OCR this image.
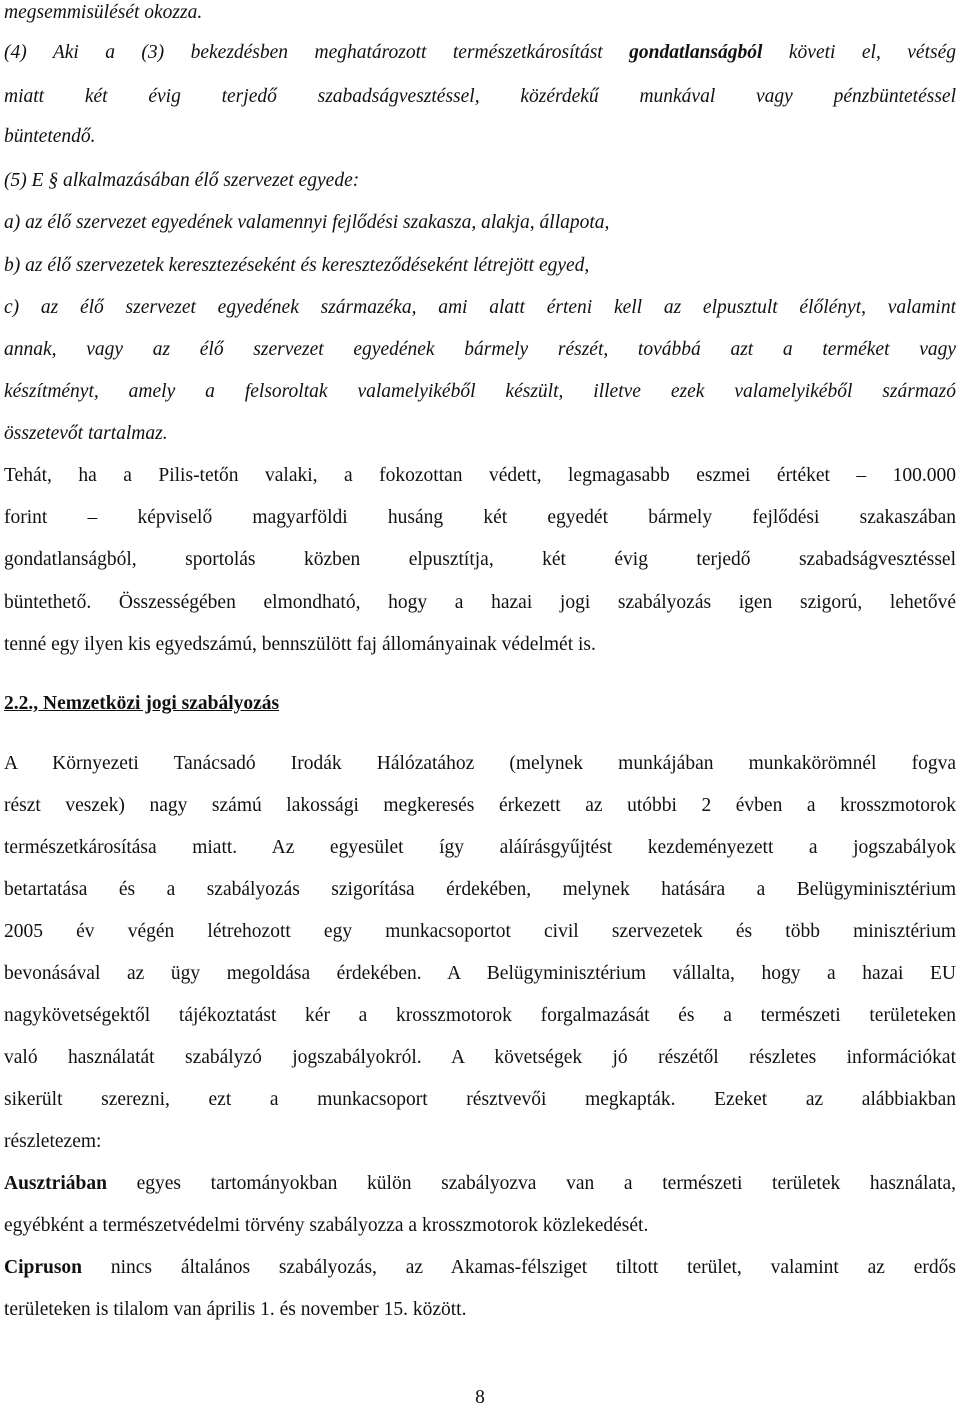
megsemmisülését okozza.
(4) Aki a (3) bekezdésben meghatározott természetkárosítást gondatlanságból követi el, vétség
miatt két évig terjedő szabadságvesztéssel, közérdekű munkával vagy pénzbüntetéssel
büntetendő.
(5) E § alkalmazásában élő szervezet egyede:
a) az élő szervezet egyedének valamennyi fejlődési szakasza, alakja, állapota,
b) az élő szervezetek keresztezéseként és kereszteződéseként létrejött egyed,
c) az élő szervezet egyedének származéka, ami alatt érteni kell az elpusztult élőlényt, valamint
annak, vagy az élő szervezet egyedének bármely részét, továbbá azt a terméket vagy
készítményt, amely a felsoroltak valamelyikéből készült, illetve ezek valamelyikéből származó
összetevőt tartalmaz.
Tehát, ha a Pilis-tetőn valaki, a fokozottan védett, legmagasabb eszmei értéket – 100.000
forint – képviselő magyarföldi husáng két egyedét bármely fejlődési szakaszában
gondatlanságból, sportolás közben elpusztítja, két évig terjedő szabadságvesztéssel
büntethető. Összességében elmondható, hogy a hazai jogi szabályozás igen szigorú, lehetővé
tenné egy ilyen kis egyedszámú, bennszülött faj állományainak védelmét is.
2.2., Nemzetközi jogi szabályozás
A Környezeti Tanácsadó Irodák Hálózatához (melynek munkájában munkakörömnél fogva
részt veszek) nagy számú lakossági megkeresés érkezett az utóbbi 2 évben a krosszmotorok
természetkárosítása miatt. Az egyesület így aláírásgyűjtést kezdeményezett a jogszabályok
betartatása és a szabályozás szigorítása érdekében, melynek hatására a Belügyminisztérium
2005 év végén létrehozott egy munkacsoportot civil szervezetek és több minisztérium
bevonásával az ügy megoldása érdekében. A Belügyminisztérium vállalta, hogy a hazai EU
nagykövetségektől tájékoztatást kér a krosszmotorok forgalmazását és a természeti területeken
való használatát szabályzó jogszabályokról. A követségek jó részétől részletes információkat
sikerült szerezni, ezt a munkacsoport résztvevői megkapták. Ezeket az alábbiakban
részletezem:
Ausztriában egyes tartományokban külön szabályozva van a természeti területek használata,
egyébként a természetvédelmi törvény szabályozza a krosszmotorok közlekedését.
Cipruson nincs általános szabályozás, az Akamas-félsziget tiltott terület, valamint az erdős
területeken is tilalom van április 1. és november 15. között.
8
